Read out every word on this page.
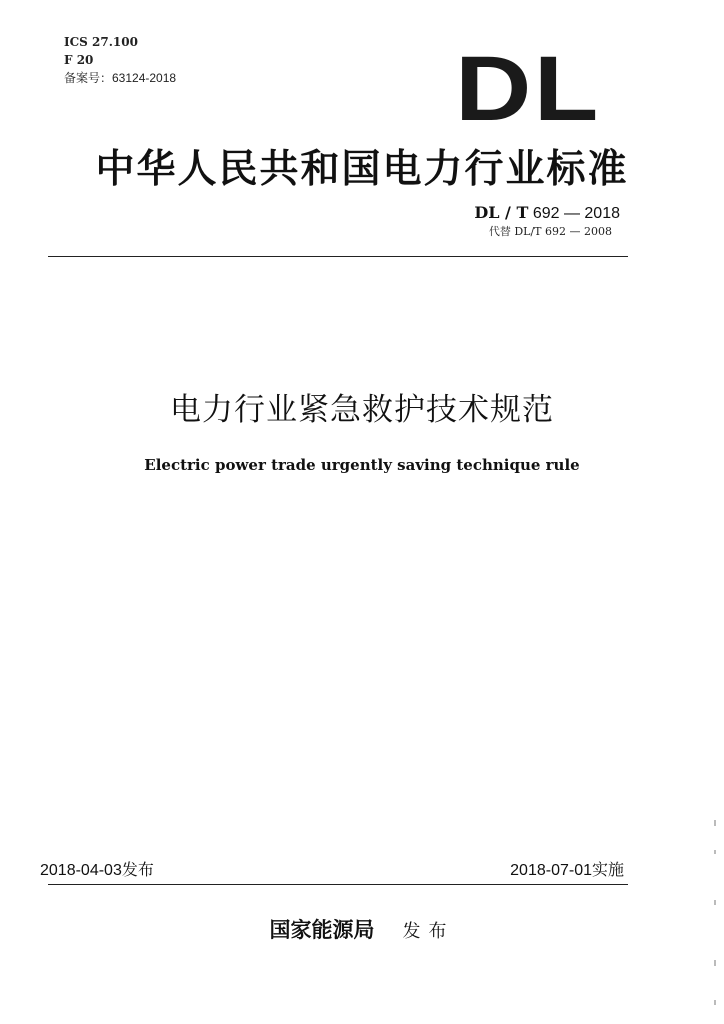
ICS 27.100
F 20
备案号：63124-2018	DL
中华人民共和国电力行业标准
DL / T 692 — 2018
代替 DL/T 692 — 2008
电力行业紧急救护技术规范
Electric power trade urgently saving technique rule
2018-04-03发布	2018-07-01实施
国家能源局 发布
